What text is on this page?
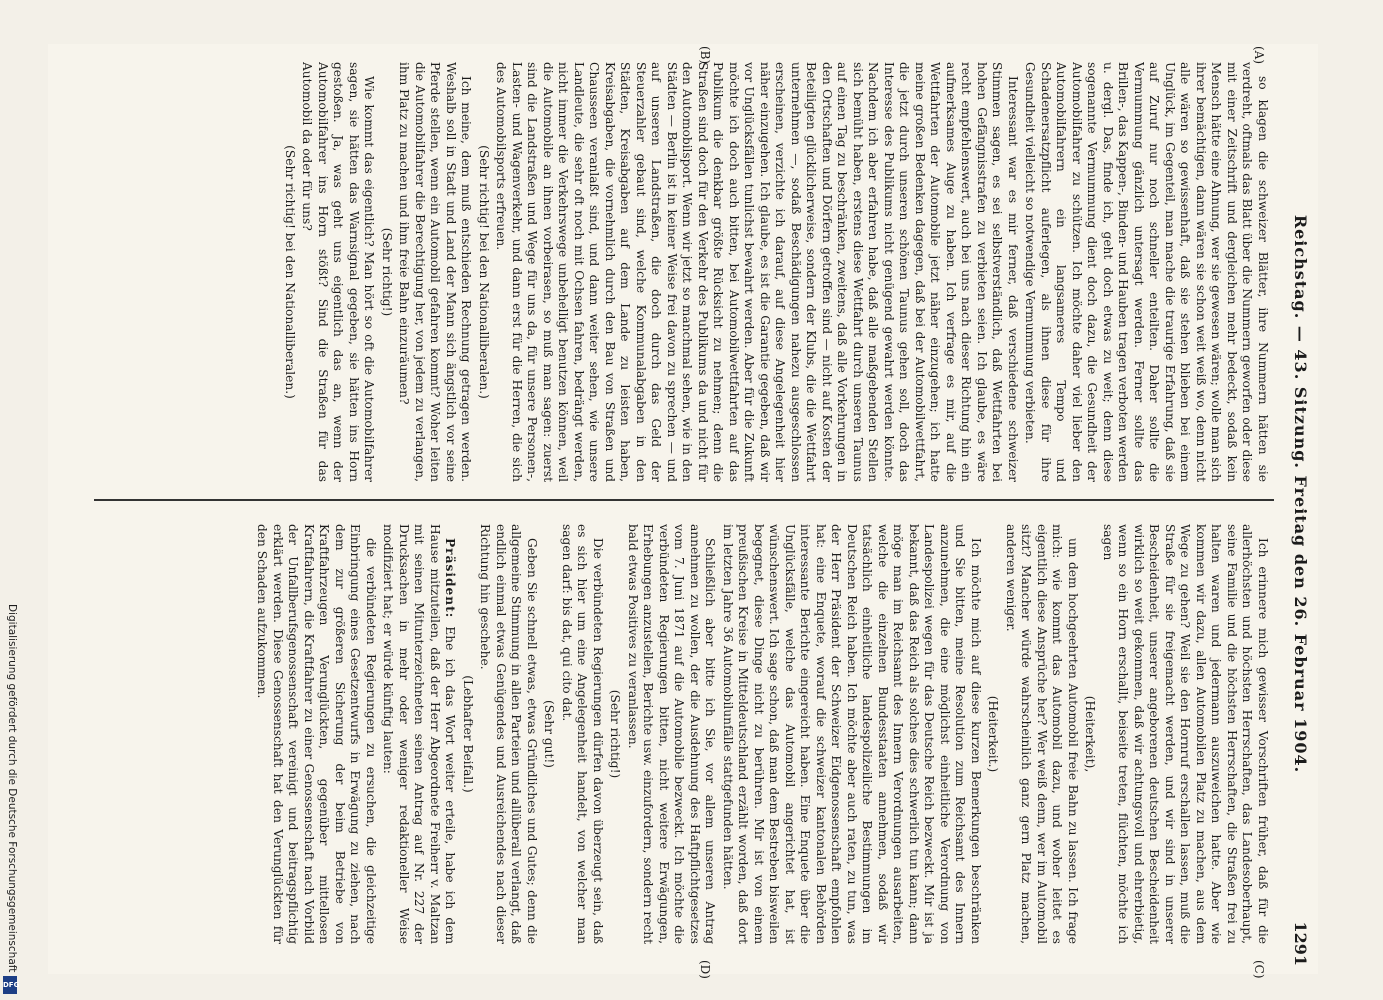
Reichstag. — 43. Sitzung. Freitag den 26. Februar 1904.
1291
(A)
(B)
(C)
(D)

so klagen die schweizer Blätter, ihre Nummern hätten sie verdreht, oftmals das Blatt über die Nummern geworfen oder diese mit einer Zeitschrift und dergleichen mehr bedeckt, sodaß kein Mensch hätte eine Ahnung, wer sie gewesen wären; wolle man sich ihrer bemächtigen, dann wären sie schon weit weiß wo, denn nicht alle wären so gewissenhaft, daß sie stehen blieben bei einem Unglück, im Gegenteil, man mache die traurige Erfahrung, daß sie auf Zuruf nur noch schneller enteilten. Daher sollte die Vermummung gänzlich untersagt werden. Ferner sollte das Brillen-, das Kappen-, Binden- und Hauben tragen verboten werden u. dergl. Das, finde ich, geht doch etwas zu weit; denn diese sogenannte Vermummung dient doch dazu, die Gesundheit der Automobilfahrer zu schützen. Ich möchte daher viel lieber den Automobilfahrern ein langsameres Tempo und Schadenersatzpflicht auferlegen, als ihnen diese für ihre Gesundheit vielleicht so notwendige Vermummung verbieten.

Interessant war es mir ferner, daß verschiedene schweizer Stimmen sagen, es sei selbstverständlich, daß Wettfahrten bei hohen Gefängnisstrafen zu verbieten seien. Ich glaube, es wäre recht empfehlenswert, auch bei uns nach dieser Richtung hin ein aufmerksames Auge zu haben. Ich verfrage es mir, auf die Wettfahrten der Automobile jetzt näher einzugehen; ich hatte meine großen Bedenken dagegen, daß bei der Automobilwettfahrt, die jetzt durch unseren schönen Taunus gehen soll, doch das Interesse des Publikums nicht genügend gewahrt werden könnte. Nachdem ich aber erfahren habe, daß alle maßgebenden Stellen sich bemüht haben, erstens diese Wettfahrt durch unseren Taunus auf einen Tag zu beschränken, zweitens, daß alle Vorkehrungen in den Ortschaften und Dörfern getroffen sind — nicht auf Kosten der Beteiligten glücklicherweise, sondern der Klubs, die die Wettfahrt unternehmen —, sodaß Beschädigungen nahezu ausgeschlossen erscheinen, verzichte ich darauf, auf diese Angelegenheit hier näher einzugehen. Ich glaube, es ist die Garantie gegeben, daß wir vor Unglücksfällen tunlichst bewahrt werden. Aber für die Zukunft möchte ich doch auch bitten, bei Automobilwettfahrten auf das Publikum die denkbar größte Rücksicht zu nehmen; denn die Straßen sind doch für den Verkehr des Publikums da und nicht für den Automobilsport. Wenn wir jetzt so manchmal sehen, wie in den Städten — Berlin ist in keiner Weise frei davon zu sprechen — und auf unseren Landstraßen, die doch durch das Geld der Steuerzahler gebaut sind, welche Kommunalabgaben in den Städten, Kreisabgaben auf dem Lande zu leisten haben, Kreisabgaben, die vornehmlich durch den Bau von Straßen und Chausseen veranlaßt sind, und dann weiter sehen, wie unsere Landleute, die sehr oft noch mit Ochsen fahren, bedrängt werden, nicht immer die Verkehrswege unbehelligt benutzen können, weil die Automobile an ihnen vorbeirasen, so muß man sagen: zuerst sind die Landstraßen und Wege für uns da, für unsere Personen-, Lasten- und Wagenverkehr, und dann erst für die Herren, die sich des Automobilsports erfreuen.

(Sehr richtig! bei den Nationalliberalen.)

Ich meine, dem muß entschieden Rechnung getragen werden. Weshalb soll in Stadt und Land der Mann sich ängstlich vor seine Pferde stellen, wenn ein Automobil gefahren kommt? Woher leiten die Automobilfahrer die Berechtigung her, von jedem zu verlangen, ihm Platz zu machen und ihm freie Bahn einzuräumen?

(Sehr richtig!)

Wie kommt das eigentlich? Man hört so oft die Automobilfahrer sagen, sie hätten das Warnsignal gegeben, sie hätten ins Horn gestoßen. Ja, was geht uns eigentlich das an, wenn der Automobilfahrer ins Horn stößt? Sind die Straßen für das Automobil da oder für uns?

(Sehr richtig! bei den Nationalliberalen.)

Ich erinnere mich gewisser Vorschriften früher, daß für die allerhöchsten und höchsten Herrschaften, das Landesoberhaupt, seine Familie und die höchsten Herrschaften, die Straßen frei zu halten waren und jedermann auszuweichen hatte. Aber wie kommen wir dazu, allen Automobilen Platz zu machen, aus dem Wege zu gehen? Weil sie den Hornruf erschallen lassen, muß die Straße für sie freigemacht werden, und wir sind in unserer Bescheidenheit, unserer angeborenen deutschen Bescheidenheit wirklich so weit gekommen, daß wir achtungsvoll und ehrerbietig, wenn so ein Horn erschallt, beiseite treten, flüchten, möchte ich sagen

(Heiterkeit),

um dem hochgeehrten Automobil freie Bahn zu lassen. Ich frage mich: wie kommt das Automobil dazu, und woher leitet es eigentlich diese Ansprüche her? Wer weiß denn, wer im Automobil sitzt? Mancher würde wahrscheinlich ganz gern Platz machen, anderen weniger.

(Heiterkeit.)

Ich möchte mich auf diese kurzen Bemerkungen beschränken und Sie bitten, meine Resolution zum Reichsamt des Innern anzunehmen, die eine möglichst einheitliche Verordnung von Landespolizei wegen für das Deutsche Reich bezweckt. Mir ist ja bekannt, daß das Reich als solches dies schwerlich tun kann; dann möge man im Reichsamt des Innern Verordnungen ausarbeiten, welche die einzelnen Bundesstaaten annehmen, sodaß wir tatsächlich einheitliche landespolizeiliche Bestimmungen im Deutschen Reich haben. Ich möchte aber auch raten, zu tun, was der Herr Präsident der Schweizer Eidgenossenschaft empfohlen hat: eine Enquete, worauf die schweizer kantonalen Behörden interessante Berichte eingereicht haben. Eine Enquete über die Unglücksfälle, welche das Automobil angerichtet hat, ist wünschenswert. Ich sage schon, daß man dem Bestreben bisweilen begegnet, diese Dinge nicht zu berühren. Mir ist von einem preußischen Kreise in Mitteldeutschland erzählt worden, daß dort im letzten Jahre 36 Automobilunfälle stattgefunden hätten.

Schließlich aber bitte ich Sie, vor allem unseren Antrag annehmen zu wollen, der die Ausdehnung des Haftpflichtgesetzes vom 7. Juni 1871 auf die Automobile bezweckt. Ich möchte die verbündeten Regierungen bitten, nicht weitere Erwägungen, Erhebungen anzustellen, Berichte usw. einzufordern, sondern recht bald etwas Positives zu veranlassen.

(Sehr richtig!)

Die verbündeten Regierungen dürfen davon überzeugt sein, daß es sich hier um eine Angelegenheit handelt, von welcher man sagen darf: bis dat, qui cito dat.

(Sehr gut!)

Geben Sie schnell etwas, etwas Gründliches und Gutes; denn die allgemeine Stimmung in allen Parteien und allüberall verlangt, daß endlich einmal etwas Genügendes und Ausreichendes nach dieser Richtung hin geschehe.

(Lebhafter Beifall.)

Präsident: Ehe ich das Wort weiter erteile, habe ich dem Hause mitzuteilen, daß der Herr Abgeordnete Freiherr v. Maltzan mit seinen Mitunterzeichneten seinen Antrag auf Nr. 227 der Drucksachen in mehr oder weniger redaktioneller Weise modifiziert hat; er würde künftig lauten:

die verbündeten Regierungen zu ersuchen, die gleichzeitige Einbringung eines Gesetzentwurfs in Erwägung zu ziehen, nach dem zur größeren Sicherung der beim Betriebe von Kraftfahrzeugen Verunglückten, gegenüber mittellosen Kraftfahrern, die Kraftfahrer zu einer Genossenschaft nach Vorbild der Unfallberufsgenossenschaft vereinigt und beitragspflichtig erklärt werden. Diese Genossenschaft hat den Verunglückten für den Schaden aufzukommen.

Digitalisierung gefördert durch die Deutsche Forschungsgemeinschaft
DFG
